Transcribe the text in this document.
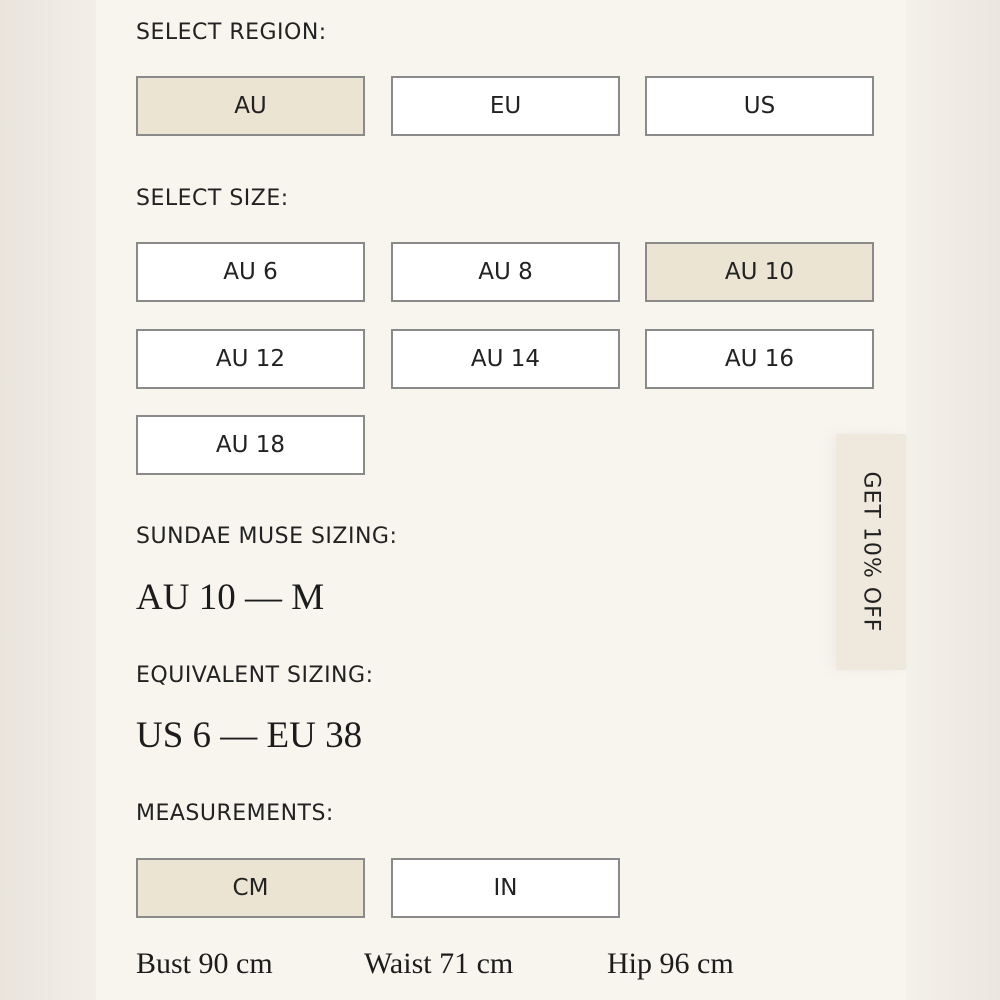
SELECT REGION:
AU	EU	US
SELECT SIZE:
AU 6	AU 8	AU 10
AU 12	AU 14	AU 16
AU 18
SUNDAE MUSE SIZING:
AU 10 — M
EQUIVALENT SIZING:
US 6 — EU 38
MEASUREMENTS:
CM	IN
Bust 90 cm	Waist 71 cm	Hip 96 cm
GET 10% OFF
